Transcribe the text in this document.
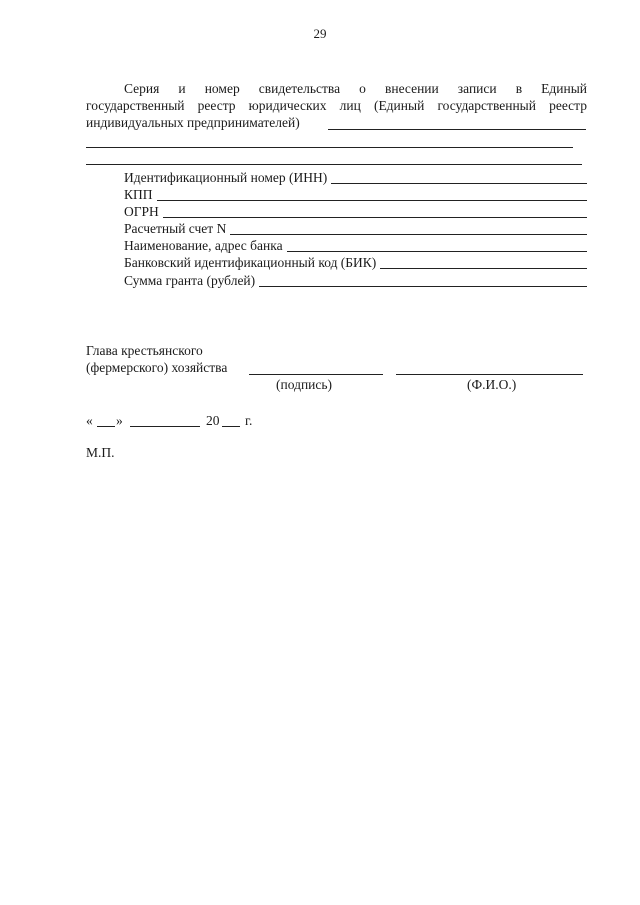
29
Серия и номер свидетельства о внесении записи в Единый
государственный реестр юридических лиц (Единый государственный реестр
индивидуальных предпринимателей)
Идентификационный номер (ИНН)
КПП
ОГРН
Расчетный счет N
Наименование, адрес банка
Банковский идентификационный код (БИК)
Сумма гранта (рублей)
Глава крестьянского
(фермерского) хозяйства
(подпись)	(Ф.И.О.)
« »	20 г.
М.П.
